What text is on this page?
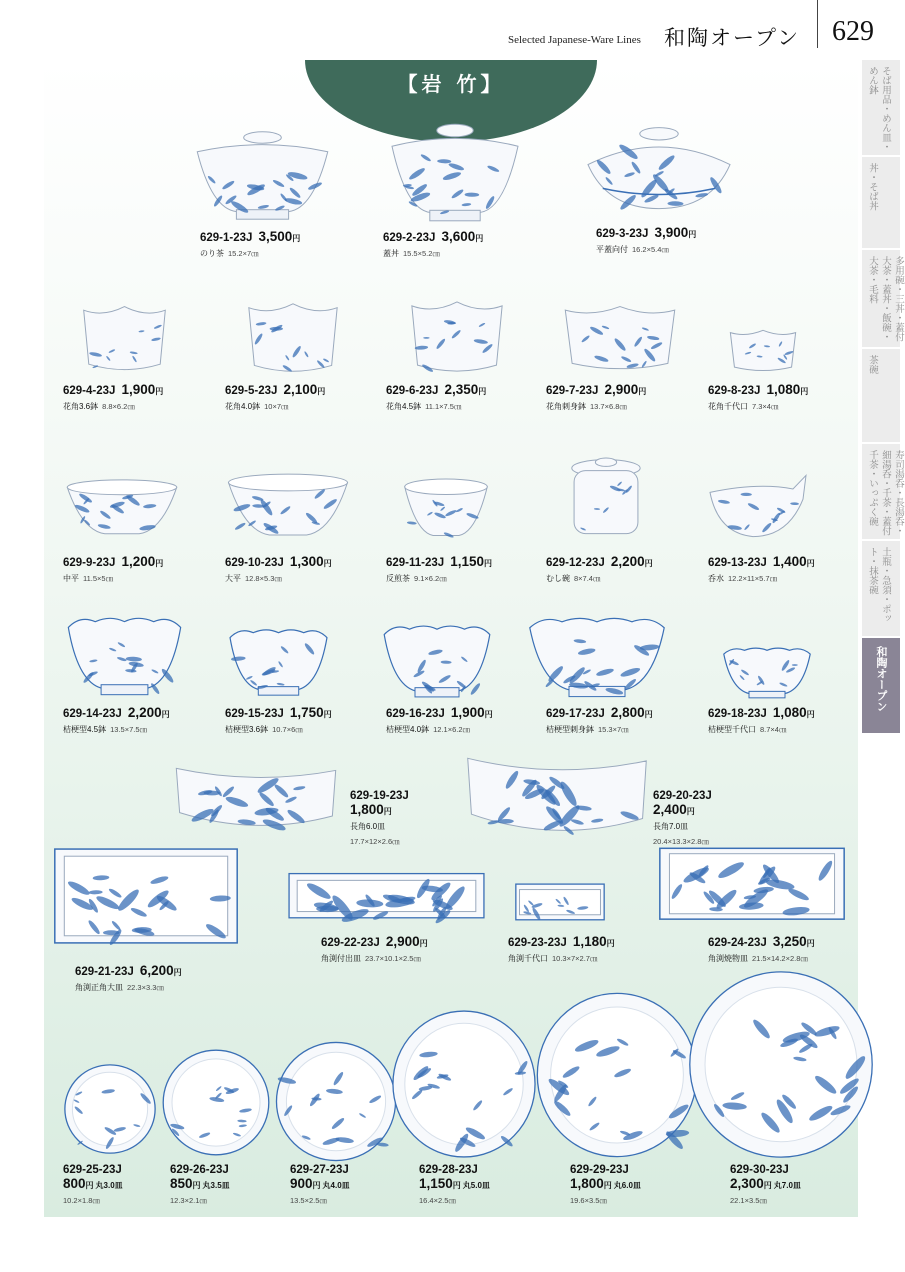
Selected Japanese-Ware Lines 和陶オープン 629
【岩 竹】	そば用品・めん皿・めん鉢
丼・そば丼
多用碗・三丼・蓋付大茶・蓋丼・飯碗・大茶・毛料
茶碗
寿司湯呑・長湯呑・細湯呑・千茶・蓋付千茶・いっぷく碗
土瓶・急須・ポット・抹茶碗
和陶オープン
629-1-23J 3,500円
のり茶 15.2×7㎝
629-2-23J 3,600円
蓋丼 15.5×5.2㎝
629-3-23J 3,900円
平蓋向付 16.2×5.4㎝
629-4-23J 1,900円
花角3.6鉢 8.8×6.2㎝
629-5-23J 2,100円
花角4.0鉢 10×7㎝
629-6-23J 2,350円
花角4.5鉢 11.1×7.5㎝
629-7-23J 2,900円
花角刺身鉢 13.7×6.8㎝
629-8-23J 1,080円
花角千代口 7.3×4㎝
629-9-23J 1,200円
中平 11.5×5㎝
629-10-23J 1,300円
大平 12.8×5.3㎝
629-11-23J 1,150円
反煎茶 9.1×6.2㎝
629-12-23J 2,200円
むし碗 8×7.4㎝
629-13-23J 1,400円
呑水 12.2×11×5.7㎝
629-14-23J 2,200円
桔梗型4.5鉢 13.5×7.5㎝
629-15-23J 1,750円
桔梗型3.6鉢 10.7×6㎝
629-16-23J 1,900円
桔梗型4.0鉢 12.1×6.2㎝
629-17-23J 2,800円
桔梗型刺身鉢 15.3×7㎝
629-18-23J 1,080円
桔梗型千代口 8.7×4㎝
629-19-23J
1,800円
長角6.0皿
17.7×12×2.6㎝
629-20-23J
2,400円
長角7.0皿
20.4×13.3×2.8㎝
629-21-23J 6,200円
角渕正角大皿 22.3×3.3㎝
629-22-23J 2,900円
角渕付出皿 23.7×10.1×2.5㎝
629-23-23J 1,180円
角渕千代口 10.3×7×2.7㎝
629-24-23J 3,250円
角渕焼物皿 21.5×14.2×2.8㎝
629-25-23J
800円 丸3.0皿
10.2×1.8㎝
629-26-23J
850円 丸3.5皿
12.3×2.1㎝
629-27-23J
900円 丸4.0皿
13.5×2.5㎝
629-28-23J
1,150円 丸5.0皿
16.4×2.5㎝
629-29-23J
1,800円 丸6.0皿
19.6×3.5㎝
629-30-23J
2,300円 丸7.0皿
22.1×3.5㎝
